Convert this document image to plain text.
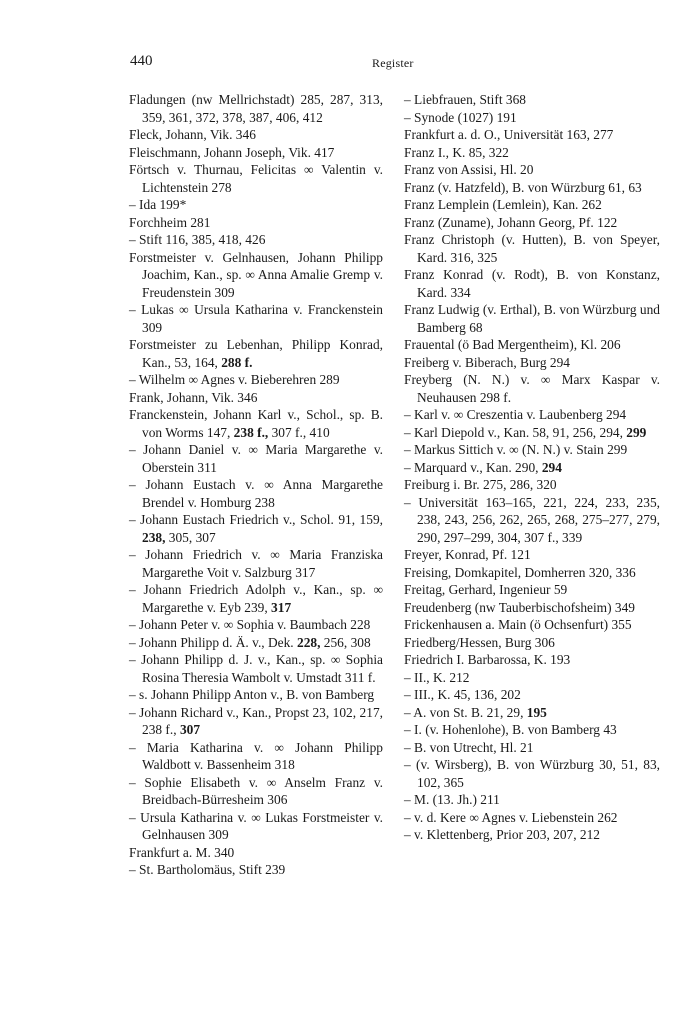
440	Register
Fladungen (nw Mellrichstadt) 285, 287, 313, 359, 361, 372, 378, 387, 406, 412
Fleck, Johann, Vik. 346
Fleischmann, Johann Joseph, Vik. 417
Förtsch v. Thurnau, Felicitas ∞ Valentin v. Lichtenstein 278
– Ida 199*
Forchheim 281
– Stift 116, 385, 418, 426
Forstmeister v. Gelnhausen, Johann Philipp Joachim, Kan., sp. ∞ Anna Amalie Gremp v. Freudenstein 309
– Lukas ∞ Ursula Katharina v. Franckenstein 309
Forstmeister zu Lebenhan, Philipp Konrad, Kan., 53, 164, 288 f.
– Wilhelm ∞ Agnes v. Bieberehren 289
Frank, Johann, Vik. 346
Franckenstein, Johann Karl v., Schol., sp. B. von Worms 147, 238 f., 307 f., 410
– Johann Daniel v. ∞ Maria Margarethe v. Oberstein 311
– Johann Eustach v. ∞ Anna Margarethe Brendel v. Homburg 238
– Johann Eustach Friedrich v., Schol. 91, 159, 238, 305, 307
– Johann Friedrich v. ∞ Maria Franziska Margarethe Voit v. Salzburg 317
– Johann Friedrich Adolph v., Kan., sp. ∞ Margarethe v. Eyb 239, 317
– Johann Peter v. ∞ Sophia v. Baumbach 228
– Johann Philipp d. Ä. v., Dek. 228, 256, 308
– Johann Philipp d. J. v., Kan., sp. ∞ Sophia Rosina Theresia Wambolt v. Umstadt 311 f.
– s. Johann Philipp Anton v., B. von Bamberg
– Johann Richard v., Kan., Propst 23, 102, 217, 238 f., 307
– Maria Katharina v. ∞ Johann Philipp Waldbott v. Bassenheim 318
– Sophie Elisabeth v. ∞ Anselm Franz v. Breidbach-Bürresheim 306
– Ursula Katharina v. ∞ Lukas Forstmeister v. Gelnhausen 309
Frankfurt a. M. 340
– St. Bartholomäus, Stift 239
– Liebfrauen, Stift 368
– Synode (1027) 191
Frankfurt a. d. O., Universität 163, 277
Franz I., K. 85, 322
Franz von Assisi, Hl. 20
Franz (v. Hatzfeld), B. von Würzburg 61, 63
Franz Lemplein (Lemlein), Kan. 262
Franz (Zuname), Johann Georg, Pf. 122
Franz Christoph (v. Hutten), B. von Speyer, Kard. 316, 325
Franz Konrad (v. Rodt), B. von Konstanz, Kard. 334
Franz Ludwig (v. Erthal), B. von Würzburg und Bamberg 68
Frauental (ö Bad Mergentheim), Kl. 206
Freiberg v. Biberach, Burg 294
Freyberg (N. N.) v. ∞ Marx Kaspar v. Neuhausen 298 f.
– Karl v. ∞ Creszentia v. Laubenberg 294
– Karl Diepold v., Kan. 58, 91, 256, 294, 299
– Markus Sittich v. ∞ (N. N.) v. Stain 299
– Marquard v., Kan. 290, 294
Freiburg i. Br. 275, 286, 320
– Universität 163–165, 221, 224, 233, 235, 238, 243, 256, 262, 265, 268, 275–277, 279, 290, 297–299, 304, 307 f., 339
Freyer, Konrad, Pf. 121
Freising, Domkapitel, Domherren 320, 336
Freitag, Gerhard, Ingenieur 59
Freudenberg (nw Tauberbischofsheim) 349
Frickenhausen a. Main (ö Ochsenfurt) 355
Friedberg/Hessen, Burg 306
Friedrich I. Barbarossa, K. 193
– II., K. 212
– III., K. 45, 136, 202
– A. von St. B. 21, 29, 195
– I. (v. Hohenlohe), B. von Bamberg 43
– B. von Utrecht, Hl. 21
– (v. Wirsberg), B. von Würzburg 30, 51, 83, 102, 365
– M. (13. Jh.) 211
– v. d. Kere ∞ Agnes v. Liebenstein 262
– v. Klettenberg, Prior 203, 207, 212
